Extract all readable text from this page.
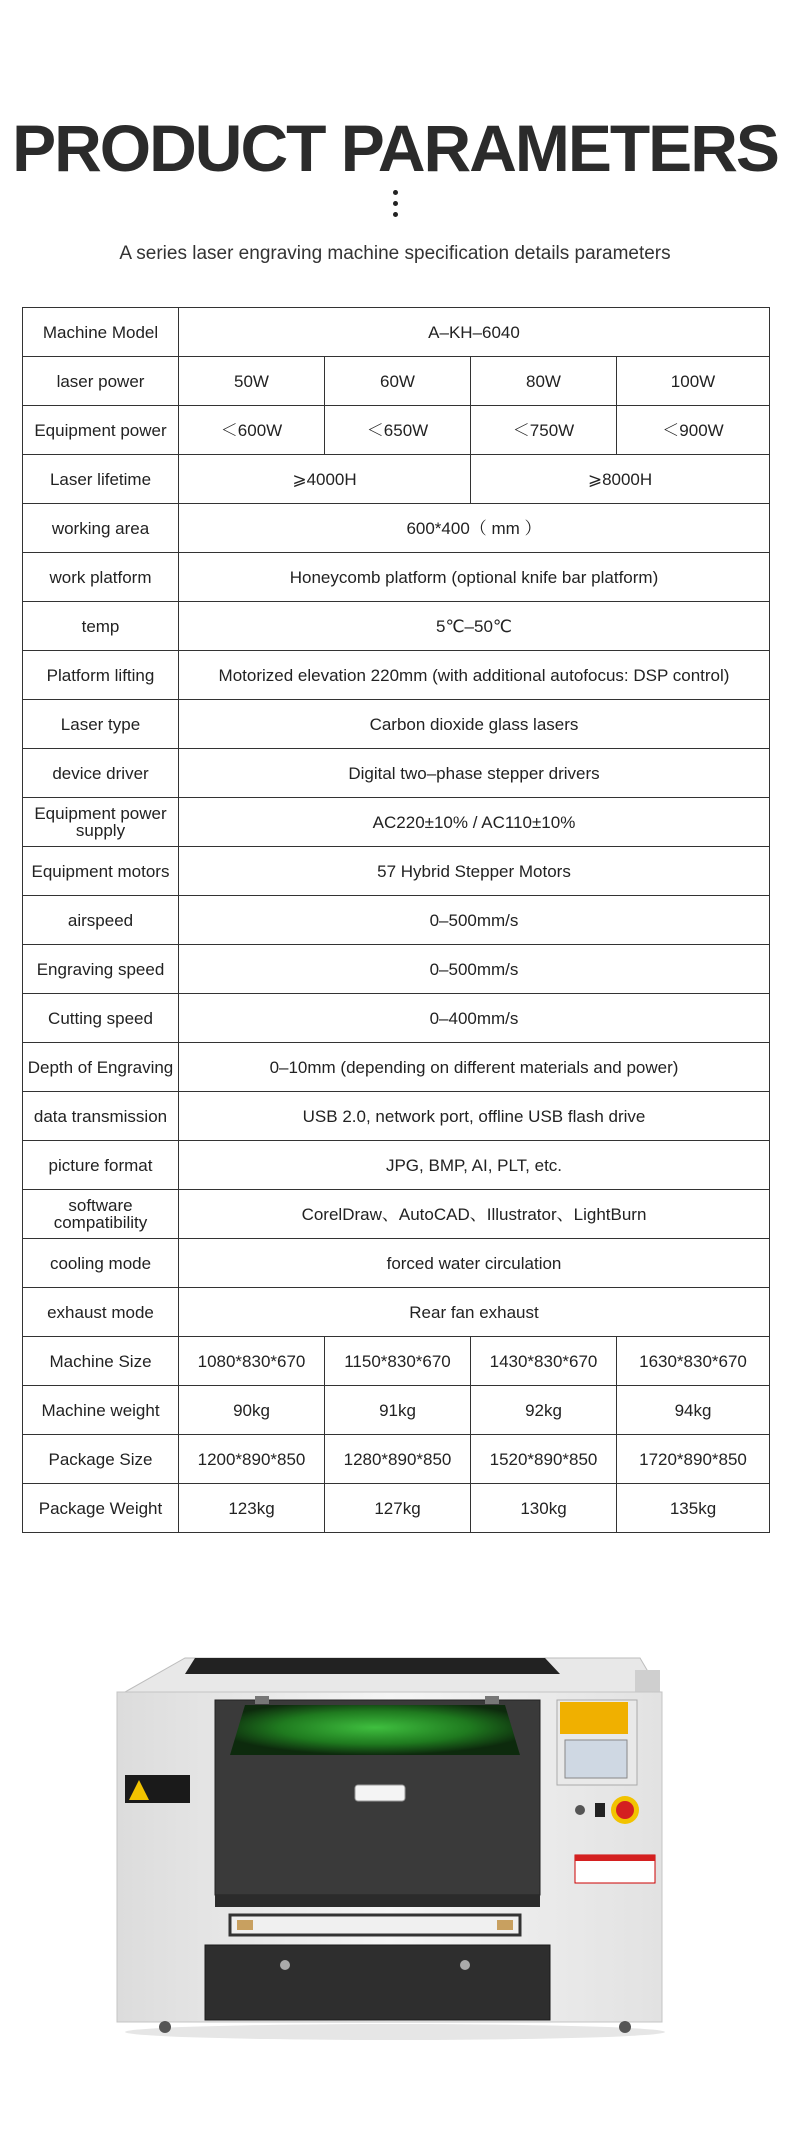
PRODUCT PARAMETERS
A series laser engraving machine specification details parameters
Machine Model	A–KH–6040			
laser power	50W	60W	80W	100W
Equipment power	＜600W	＜650W	＜750W	＜900W
Laser lifetime	⩾4000H		⩾8000H	
working area	600*400（ mm ）			
work platform	Honeycomb platform (optional knife bar platform)			
temp	5℃–50℃			
Platform lifting	Motorized elevation 220mm (with additional autofocus: DSP control)			
Laser type	Carbon dioxide glass lasers			
device driver	Digital two–phase stepper drivers			
Equipment power supply	AC220±10% / AC110±10%			
Equipment motors	57 Hybrid Stepper Motors			
airspeed	0–500mm/s			
Engraving speed	0–500mm/s			
Cutting speed	0–400mm/s			
Depth of Engraving	0–10mm (depending on different materials and power)			
data transmission	USB 2.0, network port, offline USB flash drive			
picture format	JPG, BMP, AI, PLT, etc.			
software compatibility	CorelDraw、AutoCAD、Illustrator、LightBurn			
cooling mode	forced water circulation			
exhaust mode	Rear fan exhaust			
Machine Size	1080*830*670	1150*830*670	1430*830*670	1630*830*670
Machine weight	90kg	91kg	92kg	94kg
Package Size	1200*890*850	1280*890*850	1520*890*850	1720*890*850
Package Weight	123kg	127kg	130kg	135kg
